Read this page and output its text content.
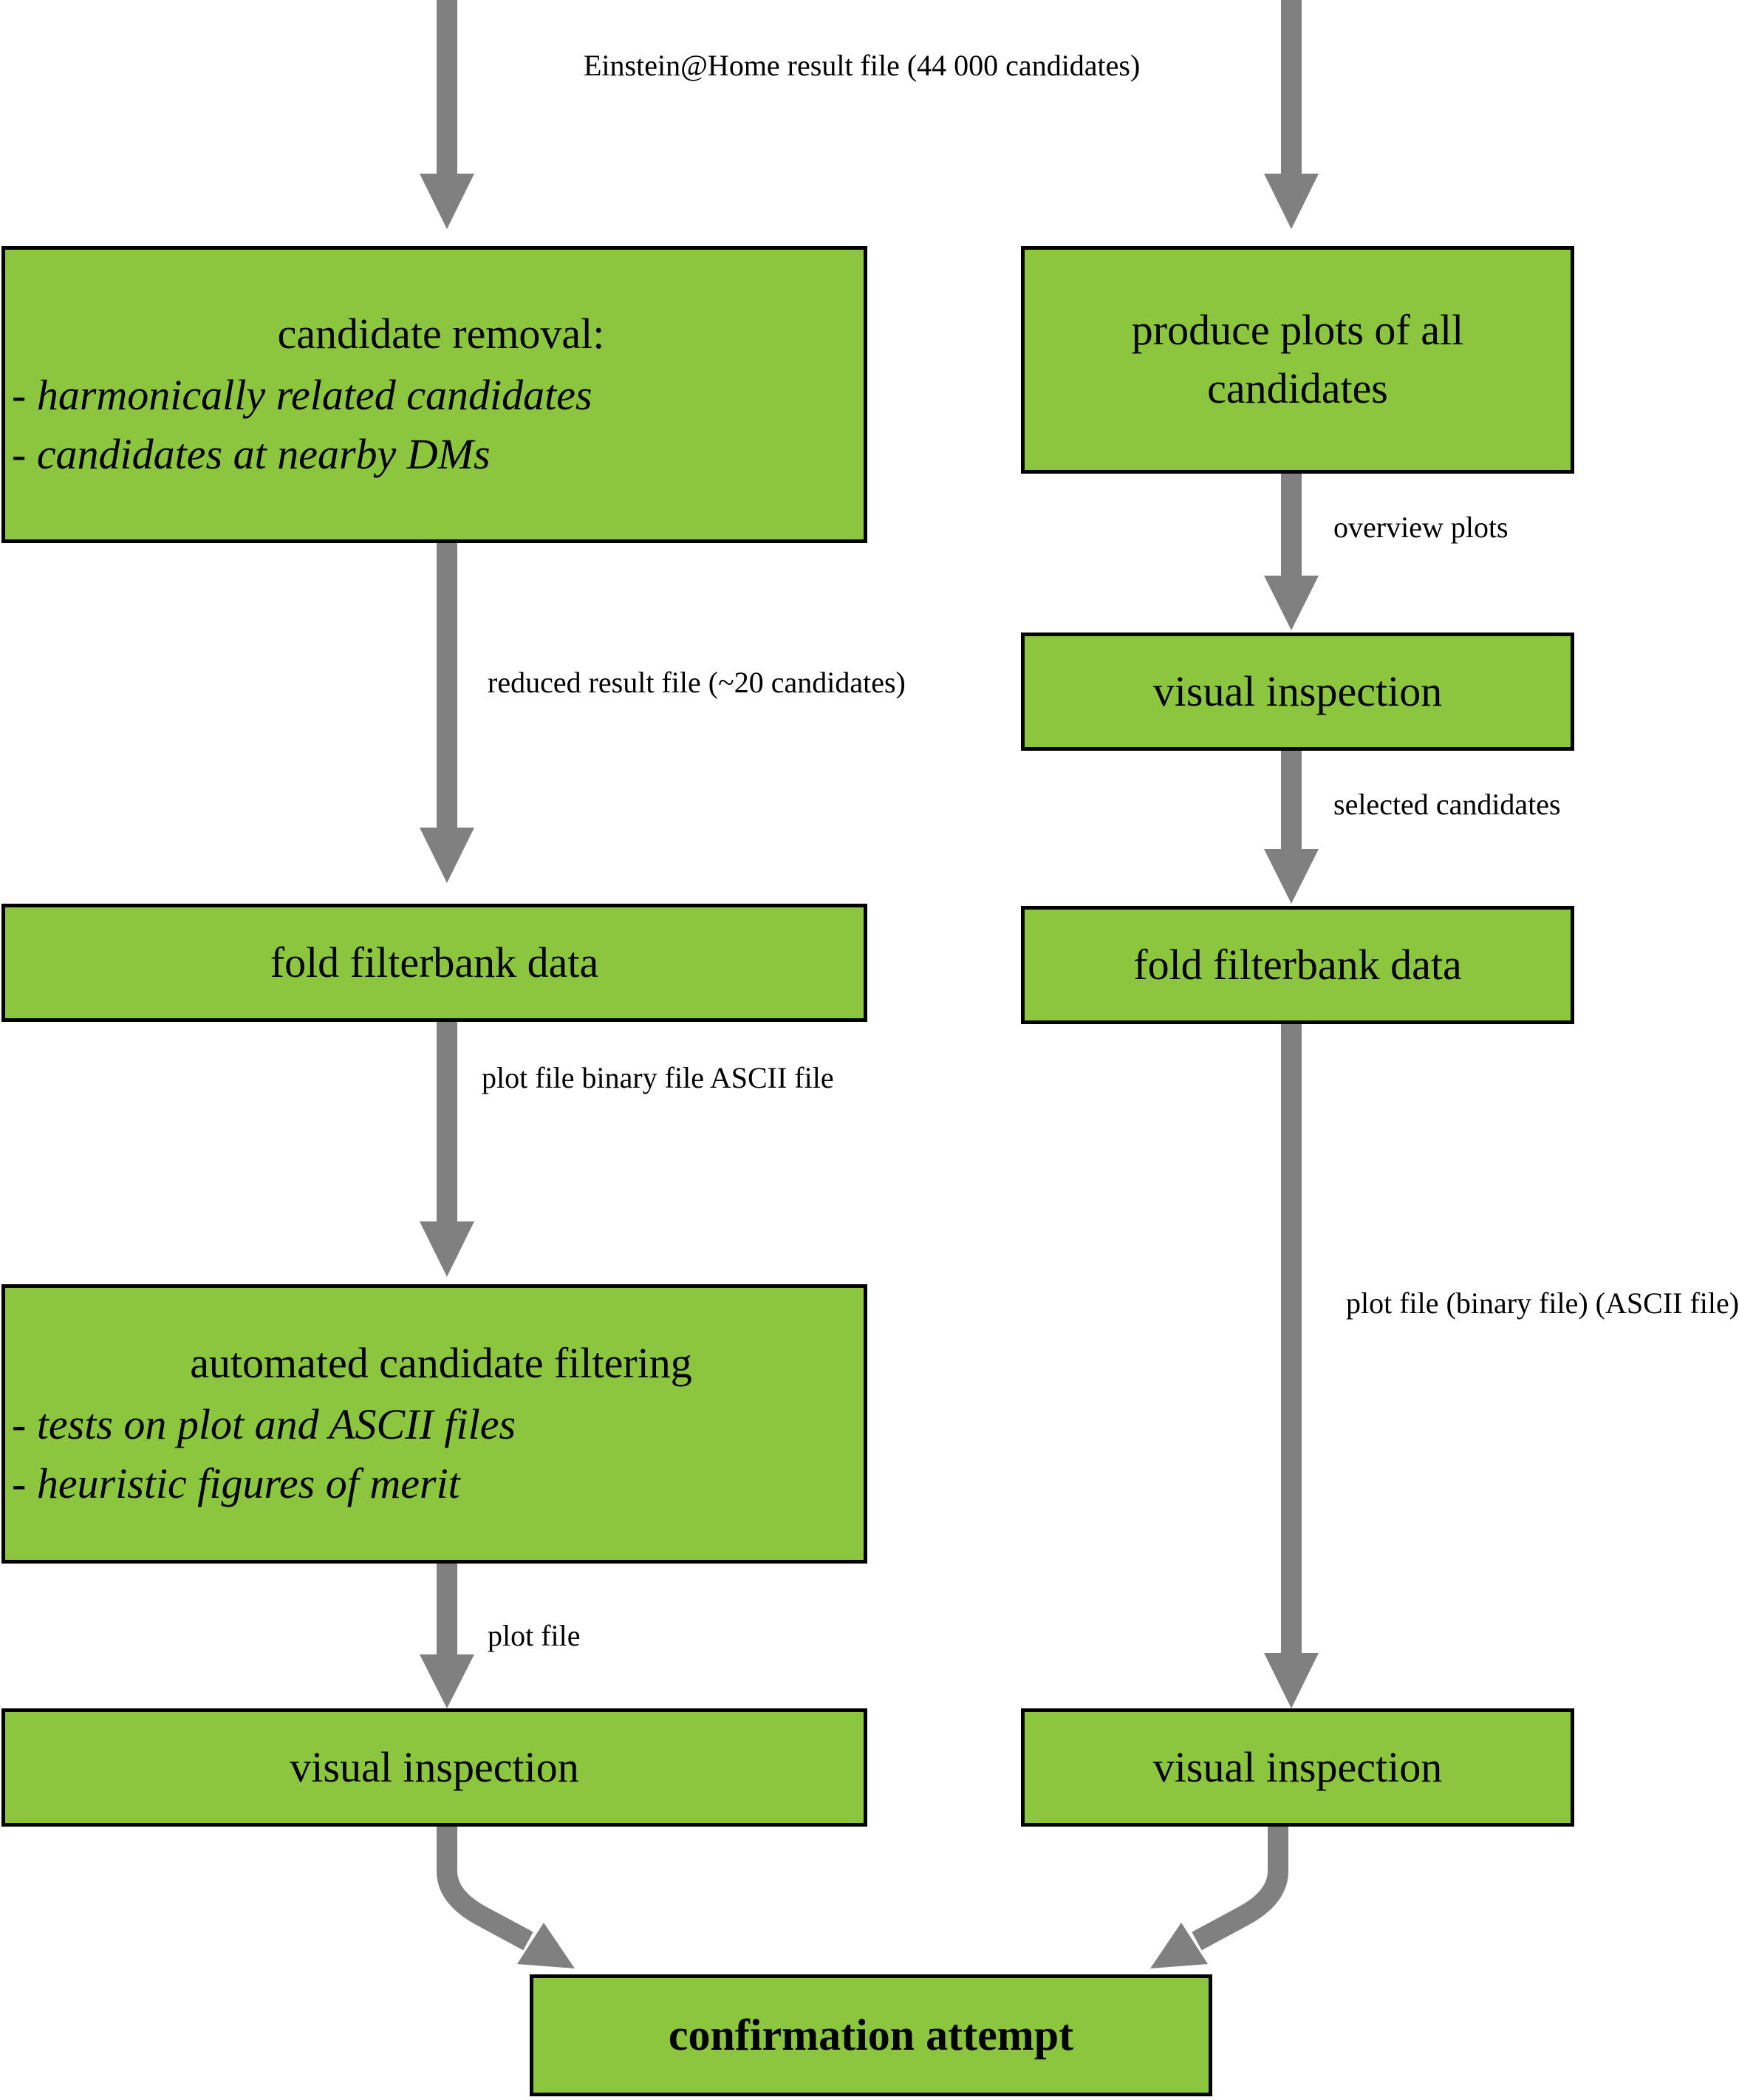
Einstein@Home result file (44 000 candidates)
candidate removal:
- harmonically related candidates
- candidates at nearby DMs
reduced result file (~20 candidates)
fold filterbank data
plot file binary file ASCII file
automated candidate filtering
- tests on plot and ASCII files
- heuristic figures of merit
plot file
visual inspection
produce plots of all
candidates
overview plots
visual inspection
selected candidates
fold filterbank data
plot file (binary file) (ASCII file)
visual inspection
confirmation attempt
